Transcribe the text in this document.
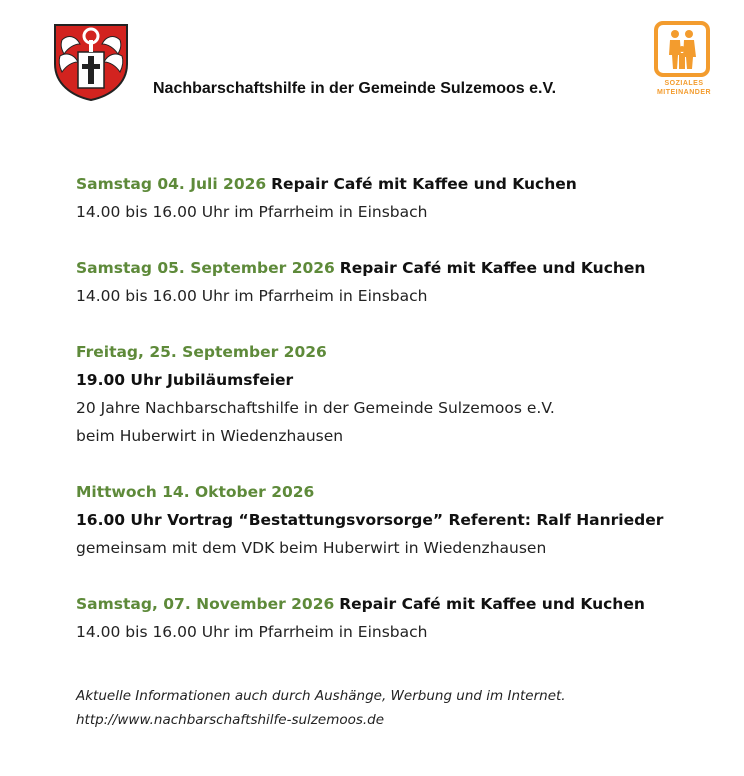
Nachbarschaftshilfe in der Gemeinde Sulzemoos e.V.	SOZIALES
MITEINANDER
Samstag 04. Juli 2026 Repair Café mit Kaffee und Kuchen
14.00 bis 16.00 Uhr im Pfarrheim in Einsbach
Samstag 05. September 2026 Repair Café mit Kaffee und Kuchen
14.00 bis 16.00 Uhr im Pfarrheim in Einsbach
Freitag, 25. September 2026
19.00 Uhr Jubiläumsfeier
20 Jahre Nachbarschaftshilfe in der Gemeinde Sulzemoos e.V.
beim Huberwirt in Wiedenzhausen
Mittwoch 14. Oktober 2026
16.00 Uhr Vortrag “Bestattungsvorsorge” Referent: Ralf Hanrieder
gemeinsam mit dem VDK beim Huberwirt in Wiedenzhausen
Samstag, 07. November 2026 Repair Café mit Kaffee und Kuchen
14.00 bis 16.00 Uhr im Pfarrheim in Einsbach
Aktuelle Informationen auch durch Aushänge, Werbung und im Internet.
http://www.nachbarschaftshilfe-sulzemoos.de
